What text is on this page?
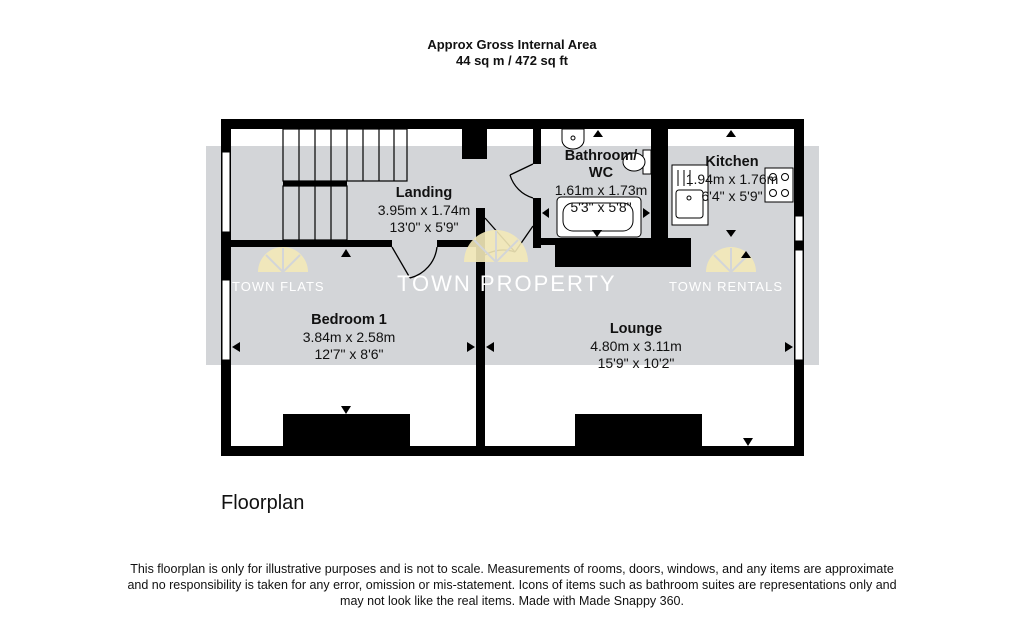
Approx Gross Internal Area
44 sq m / 472 sq ft
TOWN FLATS	TOWN PROPERTY	TOWN RENTALS
Landing
3.95m x 1.74m
13'0" x 5'9"
Bathroom/
WC
1.61m x 1.73m
5'3" x 5'8"
Kitchen
1.94m x 1.76m
6'4" x 5'9"
Bedroom 1
3.84m x 2.58m
12'7" x 8'6"
Lounge
4.80m x 3.11m
15'9" x 10'2"
Floorplan
This floorplan is only for illustrative purposes and is not to scale. Measurements of rooms, doors, windows, and any items are approximate and no responsibility is taken for any error, omission or mis-statement. Icons of items such as bathroom suites are representations only and may not look like the real items. Made with Made Snappy 360.
